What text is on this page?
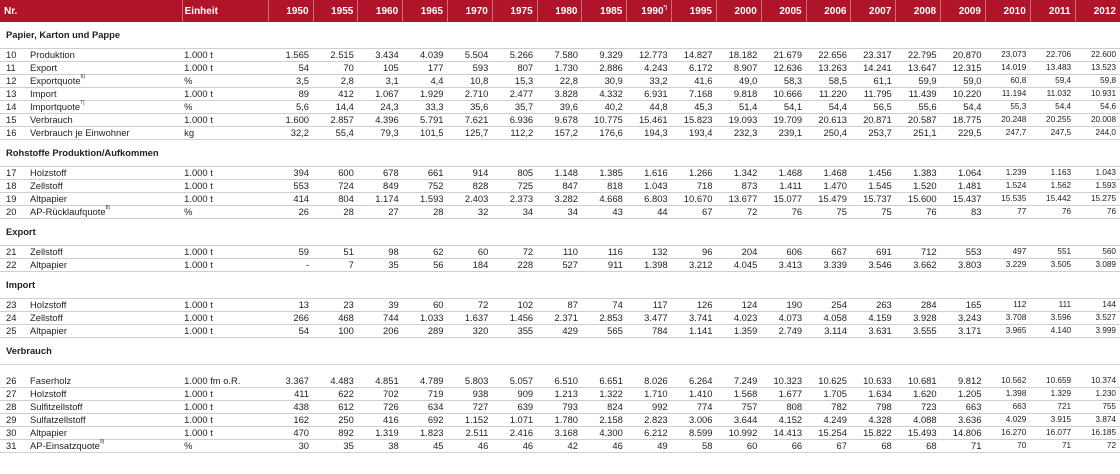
Nr.		Einheit	1950	1955	1960	1965	1970	1975	1980	1985	1990*)	1995	2000	2005	2006	2007	2008	2009	2010	2011	2012
Papier, Karton und Pappe																					
10	Produktion	1.000 t	1.565	2.515	3.434	4.039	5.504	5.266	7.580	9.329	12.773	14.827	18.182	21.679	22.656	23.317	22.795	20.870	23.073	22.706	22.600
11	Export	1.000 t	54	70	105	177	593	807	1.730	2.886	4.243	6.172	8.907	12.636	13.263	14.241	13.647	12.315	14.019	13.483	13.523
12	Exportquote$^{6)}$	%	3,5	2,8	3,1	4,4	10,8	15,3	22,8	30,9	33,2	41,6	49,0	58,3	58,5	61,1	59,9	59,0	60,8	59,4	59,8
13	Import	1.000 t	89	412	1.067	1.929	2.710	2.477	3.828	4.332	6.931	7.168	9.818	10.666	11.220	11.795	11.439	10.220	11.194	11.032	10.931
14	Importquote$^{7)}$	%	5,6	14,4	24,3	33,3	35,6	35,7	39,6	40,2	44,8	45,3	51,4	54,1	54,4	56,5	55,6	54,4	55,3	54,4	54,6
15	Verbrauch	1.000 t	1.600	2.857	4.396	5.791	7.621	6.936	9.678	10.775	15.461	15.823	19.093	19.709	20.613	20.871	20.587	18.775	20.248	20.255	20.008
16	Verbrauch je Einwohner	kg	32,2	55,4	79,3	101,5	125,7	112,2	157,2	176,6	194,3	193,4	232,3	239,1	250,4	253,7	251,1	229,5	247,7	247,5	244,0
Rohstoffe Produktion/Aufkommen																					
17	Holzstoff	1.000 t	394	600	678	661	914	805	1.148	1.385	1.616	1.266	1.342	1.468	1.468	1.456	1.383	1.064	1.239	1.163	1.043
18	Zellstoff	1.000 t	553	724	849	752	828	725	847	818	1.043	718	873	1.411	1.470	1.545	1.520	1.481	1.524	1.562	1.593
19	Altpapier	1.000 t	414	804	1.174	1.593	2.403	2.373	3.282	4.668	6.803	10.670	13.677	15.077	15.479	15.737	15.600	15.437	15.535	15.442	15.275
20	AP-Rücklaufquote$^{8)}$	%	26	28	27	28	32	34	34	43	44	67	72	76	75	75	76	83	77	76	76
Export																					
21	Zellstoff	1.000 t	59	51	98	62	60	72	110	116	132	96	204	606	667	691	712	553	497	551	560
22	Altpapier	1.000 t	-	7	35	56	184	228	527	911	1.398	3.212	4.045	3.413	3.339	3.546	3.662	3.803	3.229	3.505	3.089
Import																					
23	Holzstoff	1.000 t	13	23	39	60	72	102	87	74	117	126	124	190	254	263	284	165	112	111	144
24	Zellstoff	1.000 t	266	468	744	1.033	1.637	1.456	2.371	2.853	3.477	3.741	4.023	4.073	4.058	4.159	3.928	3.243	3.708	3.596	3.527
25	Altpapier	1.000 t	54	100	206	289	320	355	429	565	784	1.141	1.359	2.749	3.114	3.631	3.555	3.171	3.965	4.140	3.999
Verbrauch																					

26	Faserholz	1.000 fm o.R.	3.367	4.483	4.851	4.789	5.803	5.057	6.510	6.651	8.026	6.264	7.249	10.323	10.625	10.633	10.681	9.812	10.562	10.659	10.374
27	Holzstoff	1.000 t	411	622	702	719	938	909	1.213	1.322	1.710	1.410	1.568	1.677	1.705	1.634	1.620	1.205	1.398	1.329	1.230
28	Sulfitzellstoff	1.000 t	438	612	726	634	727	639	793	824	992	774	757	808	782	798	723	663	663	721	755
29	Sulfatzellstoff	1.000 t	162	250	416	692	1.152	1.071	1.780	2.158	2.823	3.006	3.644	4.152	4.249	4.328	4.088	3.636	4.029	3.915	3.874
30	Altpapier	1.000 t	470	892	1.319	1.823	2.511	2.416	3.168	4.300	6.212	8.599	10.992	14.413	15.254	15.822	15.493	14.806	16.270	16.077	16.185
31	AP-Einsatzquote$^{9)}$	%	30	35	38	45	46	46	42	46	49	58	60	66	67	68	68	71	70	71	72
